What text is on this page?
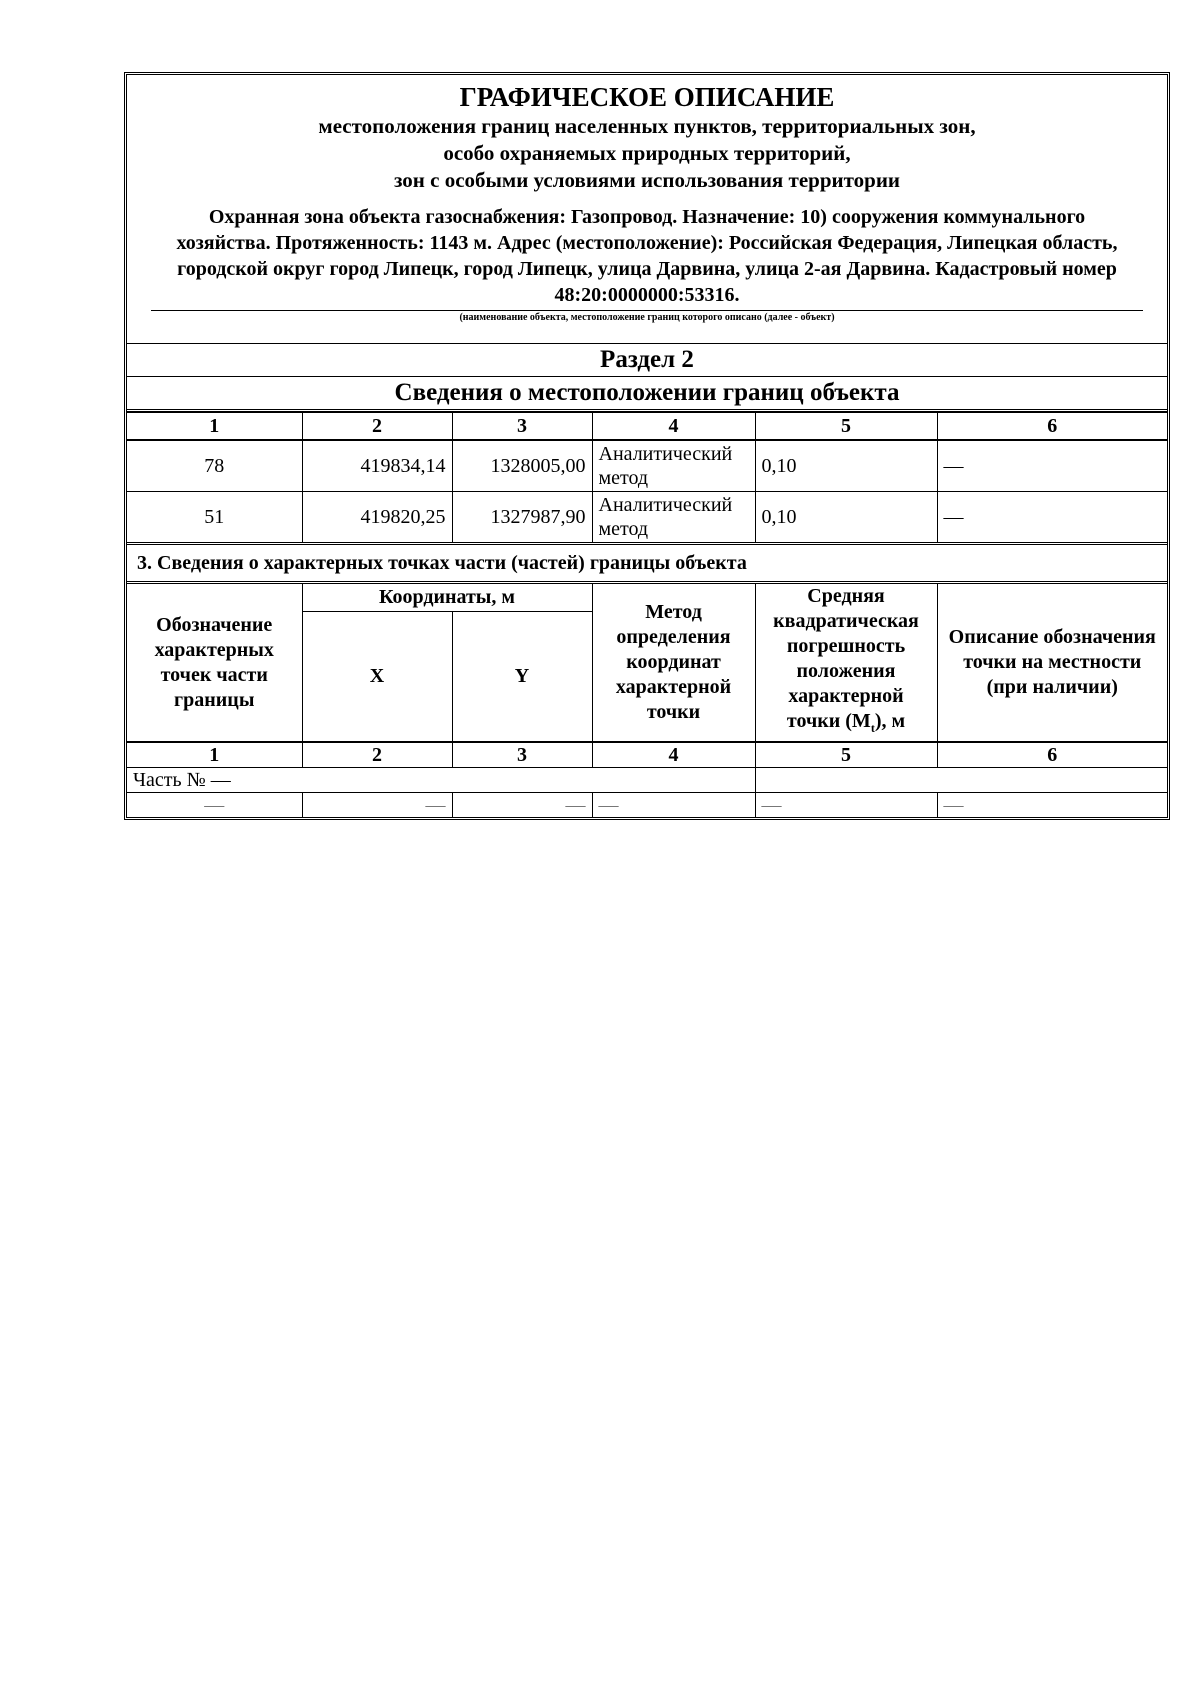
ГРАФИЧЕСКОЕ ОПИСАНИЕ
местоположения границ населенных пунктов, территориальных зон,
особо охраняемых природных территорий,
зон с особыми условиями использования территории
Охранная зона объекта газоснабжения: Газопровод. Назначение: 10) сооружения коммунального хозяйства. Протяженность: 1143 м. Адрес (местоположение): Российская Федерация, Липецкая область, городской округ город Липецк, город Липецк, улица Дарвина, улица 2-ая Дарвина. Кадастровый номер 48:20:0000000:53316.
(наименование объекта, местоположение границ которого описано (далее - объект)
Раздел 2
Сведения о местоположении границ объекта
1	2	3	4	5	6
78	419834,14	1328005,00	Аналитический метод	0,10	—
51	419820,25	1327987,90	Аналитический метод	0,10	—
3. Сведения о характерных точках части (частей) границы объекта
Обозначение характерных точек части границы	Координаты, м		Метод определения координат характерной точки	Средняя квадратическая погрешность положения характерной точки $(M_t)$, м	Описание обозначения точки на местности (при наличии)
	X	Y			
1	2	3	4	5	6
Часть № —					
—	—	—	—	—	—
